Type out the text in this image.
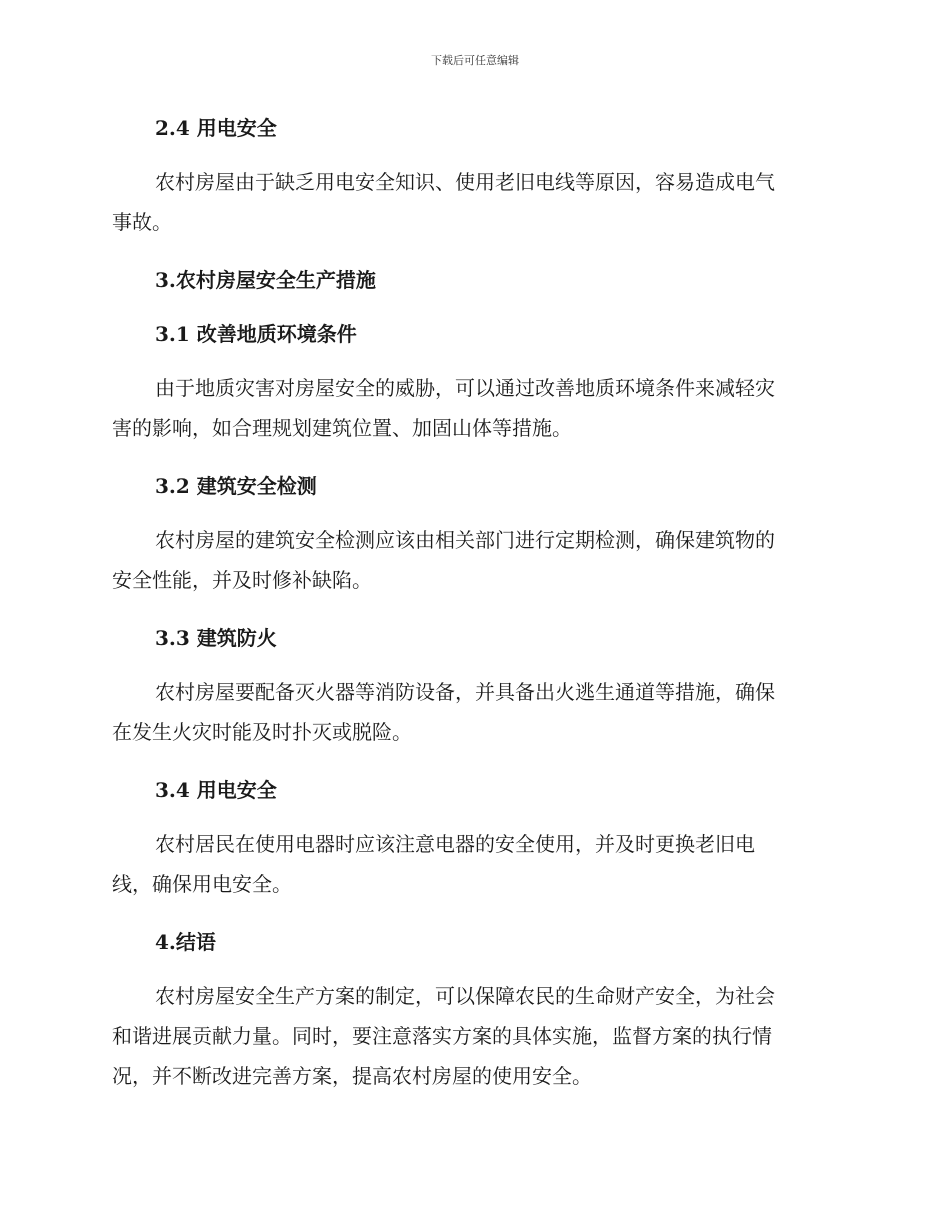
下载后可任意编辑
2.4 用电安全
农村房屋由于缺乏用电安全知识、使用老旧电线等原因，容易造成电气
事故。
3.农村房屋安全生产措施
3.1 改善地质环境条件
由于地质灾害对房屋安全的威胁，可以通过改善地质环境条件来减轻灾
害的影响，如合理规划建筑位置、加固山体等措施。
3.2 建筑安全检测
农村房屋的建筑安全检测应该由相关部门进行定期检测，确保建筑物的
安全性能，并及时修补缺陷。
3.3 建筑防火
农村房屋要配备灭火器等消防设备，并具备出火逃生通道等措施，确保
在发生火灾时能及时扑灭或脱险。
3.4 用电安全
农村居民在使用电器时应该注意电器的安全使用，并及时更换老旧电
线，确保用电安全。
4.结语
农村房屋安全生产方案的制定，可以保障农民的生命财产安全，为社会
和谐进展贡献力量。同时，要注意落实方案的具体实施，监督方案的执行情
况，并不断改进完善方案，提高农村房屋的使用安全。
